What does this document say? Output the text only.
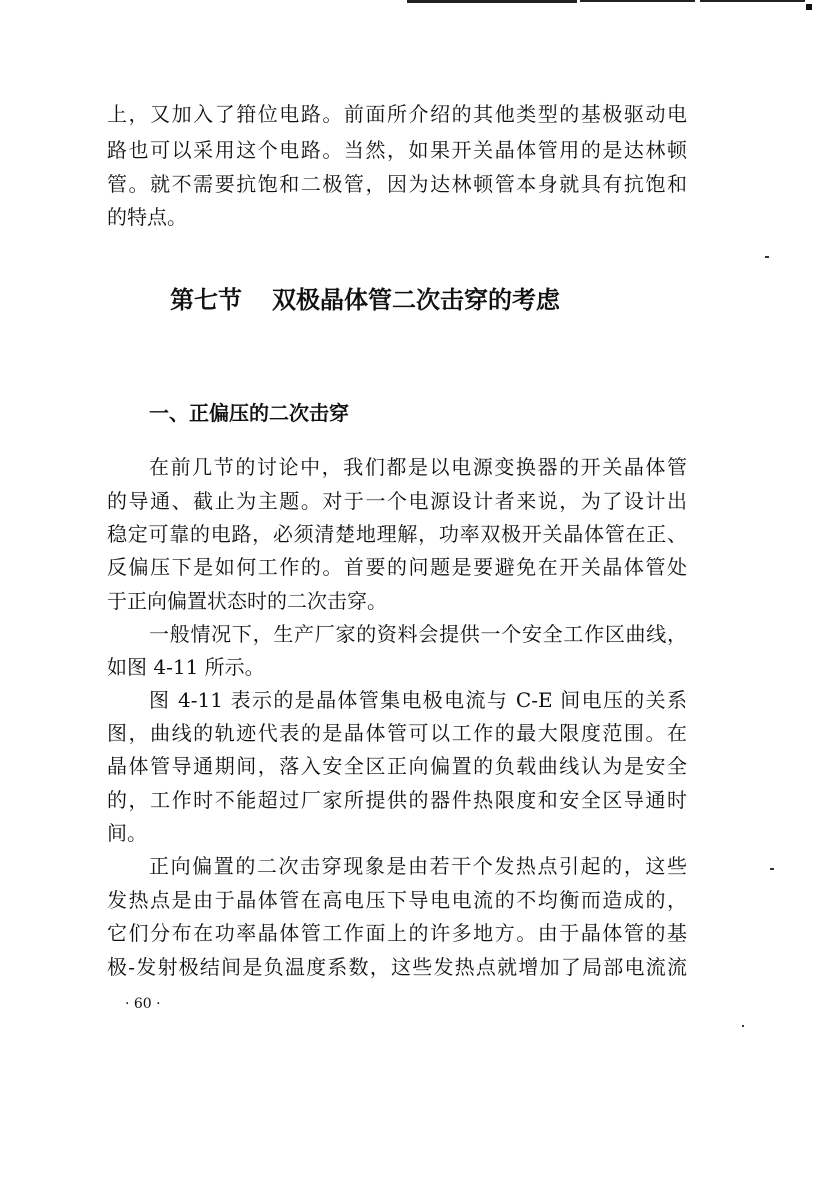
上，又加入了箝位电路。前面所介绍的其他类型的基极驱动电
路也可以采用这个电路。当然，如果开关晶体管用的是达林顿
管。就不需要抗饱和二极管，因为达林顿管本身就具有抗饱和
的特点。
第七节 双极晶体管二次击穿的考虑
一、正偏压的二次击穿
在前几节的讨论中，我们都是以电源变换器的开关晶体管
的导通、截止为主题。对于一个电源设计者来说，为了设计出
稳定可靠的电路，必须清楚地理解，功率双极开关晶体管在正、
反偏压下是如何工作的。首要的问题是要避免在开关晶体管处
于正向偏置状态时的二次击穿。
一般情况下，生产厂家的资料会提供一个安全工作区曲线，
如图 4-11 所示。
图 4-11 表示的是晶体管集电极电流与 C-E 间电压的关系
图，曲线的轨迹代表的是晶体管可以工作的最大限度范围。在
晶体管导通期间，落入安全区正向偏置的负载曲线认为是安全
的，工作时不能超过厂家所提供的器件热限度和安全区导通时
间。
正向偏置的二次击穿现象是由若干个发热点引起的，这些
发热点是由于晶体管在高电压下导电电流的不均衡而造成的，
它们分布在功率晶体管工作面上的许多地方。由于晶体管的基
极-发射极结间是负温度系数，这些发热点就增加了局部电流流
· 60 ·
